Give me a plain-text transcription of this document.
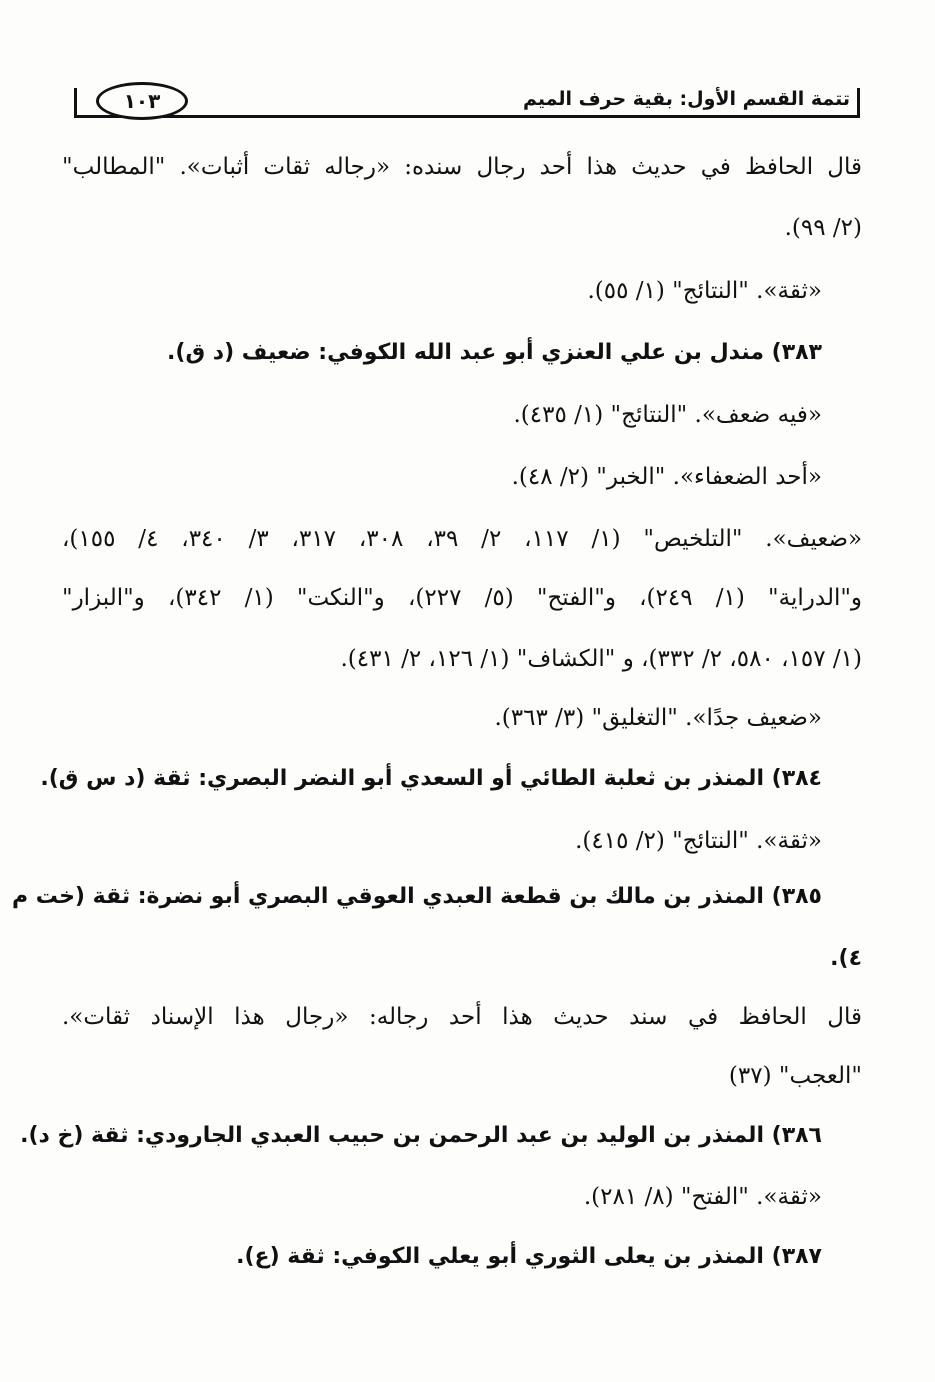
تتمة القسم الأول: بقية حرف الميم
١٠٣
قال الحافظ في حديث هذا أحد رجال سنده: «رجاله ثقات أثبات». "المطالب"
(٢/ ٩٩).
«ثقة». "النتائج" (١/ ٥٥).
٣٨٣) مندل بن علي العنزي أبو عبد الله الكوفي: ضعيف (د ق).
«فيه ضعف». "النتائج" (١/ ٤٣٥).
«أحد الضعفاء». "الخبر" (٢/ ٤٨).
«ضعيف». "التلخيص" (١/ ١١٧، ٢/ ٣٩، ٣٠٨، ٣١٧، ٣/ ٣٤٠، ٤/ ١٥٥)،
و"الدراية" (١/ ٢٤٩)، و"الفتح" (٥/ ٢٢٧)، و"النكت" (١/ ٣٤٢)، و"البزار"
(١/ ١٥٧، ٥٨٠، ٢/ ٣٣٢)، و "الكشاف" (١/ ١٢٦، ٢/ ٤٣١).
«ضعيف جدًا». "التغليق" (٣/ ٣٦٣).
٣٨٤) المنذر بن ثعلبة الطائي أو السعدي أبو النضر البصري: ثقة (د س ق).
«ثقة». "النتائج" (٢/ ٤١٥).
٣٨٥) المنذر بن مالك بن قطعة العبدي العوقي البصري أبو نضرة: ثقة (خت م
٤).
قال الحافظ في سند حديث هذا أحد رجاله: «رجال هذا الإسناد ثقات».
"العجب" (٣٧)
٣٨٦) المنذر بن الوليد بن عبد الرحمن بن حبيب العبدي الجارودي: ثقة (خ د).
«ثقة». "الفتح" (٨/ ٢٨١).
٣٨٧) المنذر بن يعلى الثوري أبو يعلي الكوفي: ثقة (ع).
